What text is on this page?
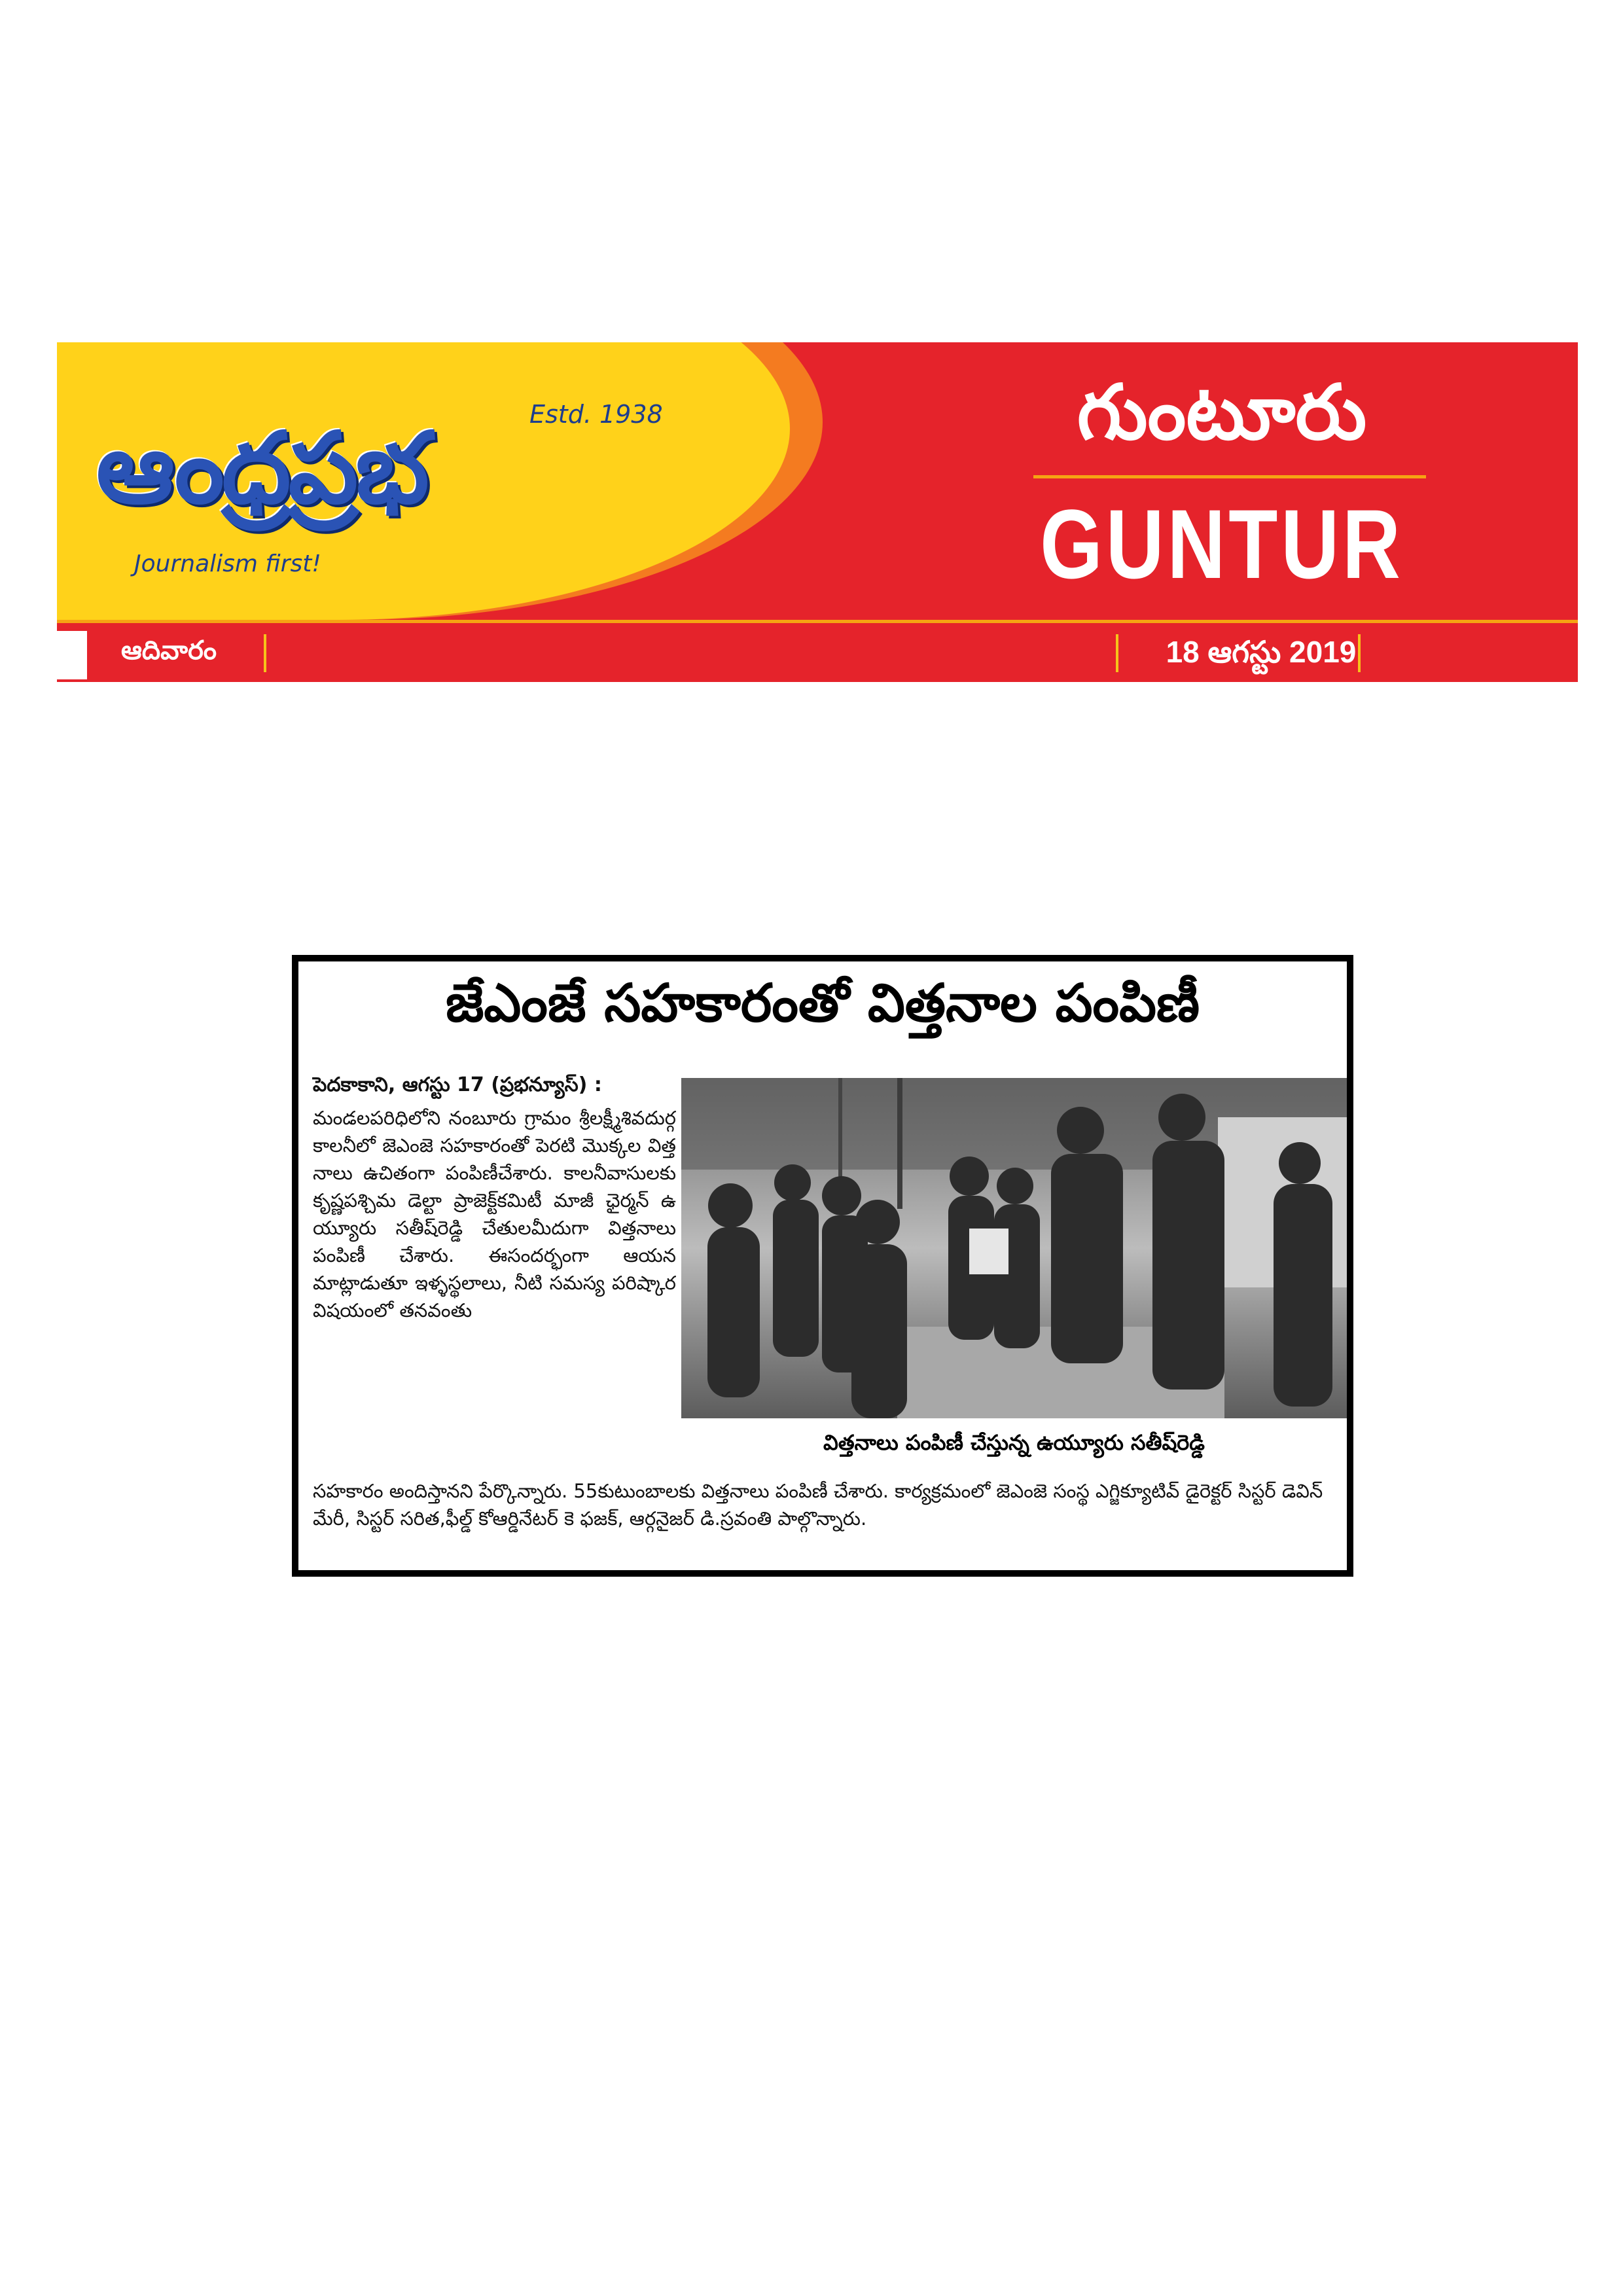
Estd. 1938
ఆంధ్రప్రభ
Journalism first!
గుంటూరు
GUNTUR
ఆదివారం	18 ఆగస్టు 2019
జేఎంజే సహకారంతో విత్తనాల పంపిణీ
పెదకాకాని, ఆగస్టు 17 (ప్రభన్యూస్) :
మండలపరిధిలోని నంబూరు గ్రామం శ్రీలక్ష్మీశివదుర్గ కాలనీలో జెఎంజె సహకారంతో పెరటి మొక్కల విత్తనాలు ఉచితంగా పంపిణీచేశారు. కాలనీవాసులకు కృష్ణపశ్చిమ డెల్టా ప్రాజెక్ట్‌కమిటీ మాజీ ఛైర్మన్ ఉయ్యూరు సతీష్‌రెడ్డి చేతులమీదుగా విత్తనాలు పంపిణీ చేశారు. ఈసందర్భంగా ఆయన మాట్లాడుతూ ఇళ్ళస్థలాలు, నీటి సమస్య పరిష్కార విషయంలో తనవంతు
విత్తనాలు పంపిణీ చేస్తున్న ఉయ్యూరు సతీష్‌రెడ్డి
సహకారం అందిస్తానని పేర్కొన్నారు. 55కుటుంబాలకు విత్తనాలు పంపిణీ చేశారు. కార్యక్రమంలో జెఎంజె సంస్థ ఎగ్జిక్యూటివ్ డైరెక్టర్ సిస్టర్ డెవిన్ మేరీ, సిస్టర్ సరిత,ఫీల్డ్ కోఆర్డినేటర్ కె ఫజక్, ఆర్గనైజర్ డి.స్రవంతి పాల్గొన్నారు.
